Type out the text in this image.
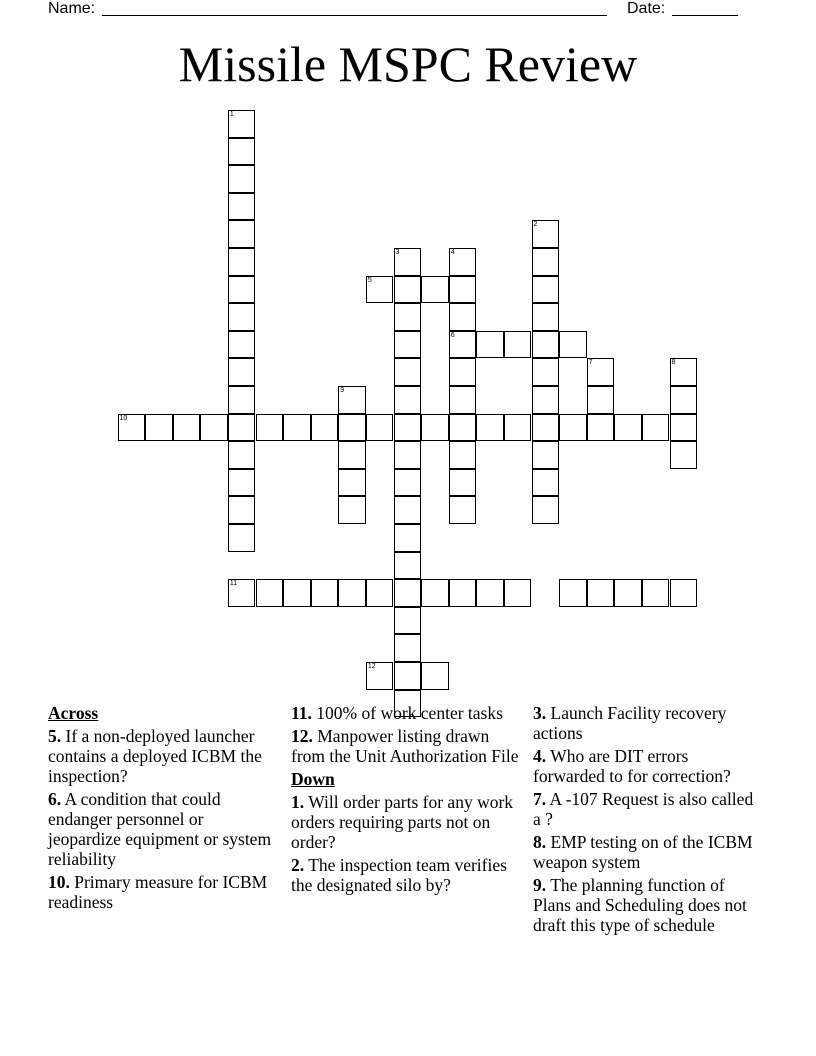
Name:	Date:
Missile MSPC Review
1
2
3	4
6
5
7	8
9
10
11
12
Across
5. If a non-deployed launcher contains a deployed ICBM the inspection?
6. A condition that could endanger personnel or jeopardize equipment or system reliability
10. Primary measure for ICBM readiness
11. 100% of work center tasks
12. Manpower listing drawn from the Unit Authorization File
Down
1. Will order parts for any work orders requiring parts not on order?
2. The inspection team verifies the designated silo by?
3. Launch Facility recovery actions
4. Who are DIT errors forwarded to for correction?
7. A -107 Request is also called a ?
8. EMP testing on of the ICBM weapon system
9. The planning function of Plans and Scheduling does not draft this type of schedule
